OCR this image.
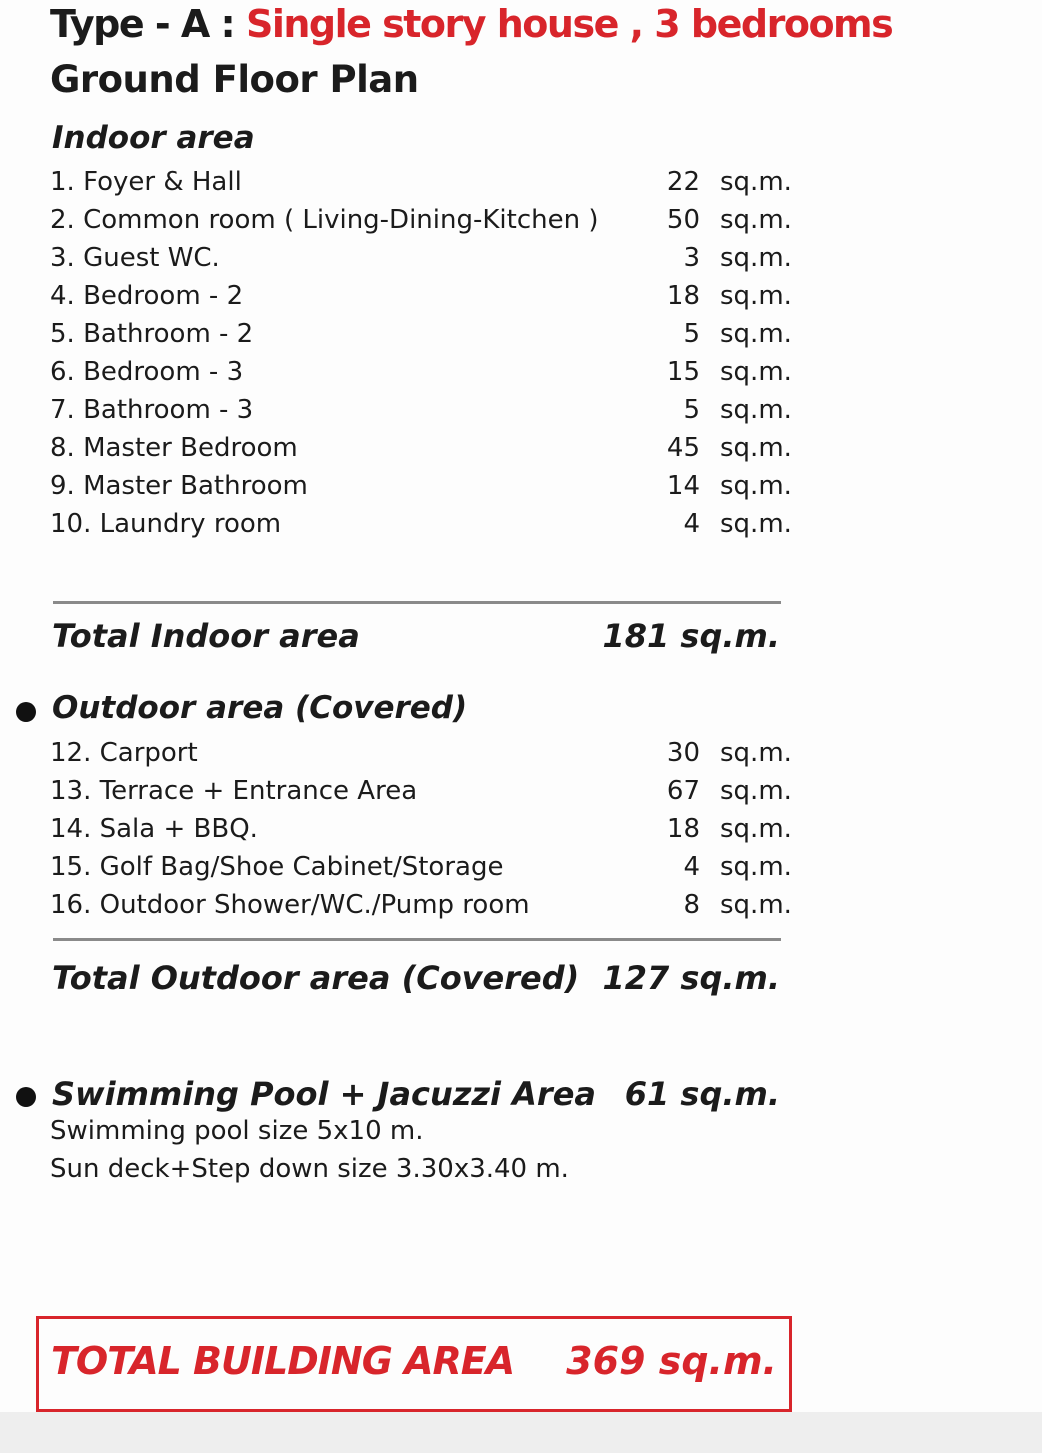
Type - A : Single story house , 3 bedrooms
Ground Floor Plan
Indoor area
1. Foyer & Hall	22 sq.m.
2. Common room ( Living-Dining-Kitchen )	50 sq.m.
3. Guest WC.	3 sq.m.
4. Bedroom - 2	18 sq.m.
5. Bathroom - 2	5 sq.m.
6. Bedroom - 3	15 sq.m.
7. Bathroom - 3	5 sq.m.
8. Master Bedroom	45 sq.m.
9. Master Bathroom	14 sq.m.
10. Laundry room	4 sq.m.
Total Indoor area	181 sq.m.
Outdoor area (Covered)
12. Carport	30 sq.m.
13. Terrace + Entrance Area	67 sq.m.
14. Sala + BBQ.	18 sq.m.
15. Golf Bag/Shoe Cabinet/Storage	4 sq.m.
16. Outdoor Shower/WC./Pump room	8 sq.m.
Total Outdoor area (Covered) 127 sq.m.
Swimming Pool + Jacuzzi Area 61 sq.m.
Swimming pool size 5x10 m.
Sun deck+Step down size 3.30x3.40 m.
TOTAL BUILDING AREA 369 sq.m.
